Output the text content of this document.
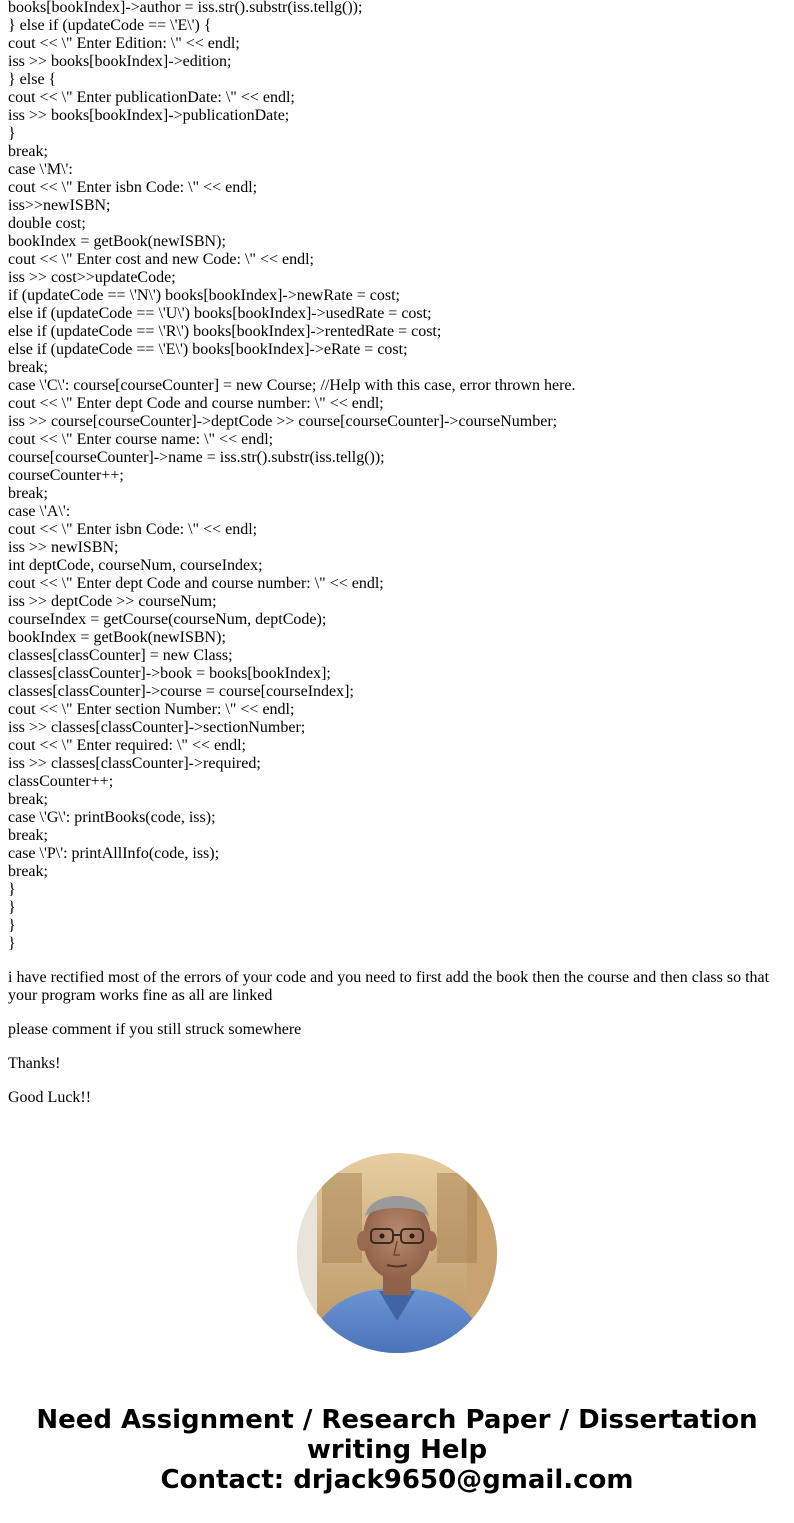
books[bookIndex]->author = iss.str().substr(iss.tellg());
} else if (updateCode == \'E\') {
cout << \" Enter Edition: \" << endl;
iss >> books[bookIndex]->edition;
} else {
cout << \" Enter publicationDate: \" << endl;
iss >> books[bookIndex]->publicationDate;
}
break;
case \'M\':
cout << \" Enter isbn Code: \" << endl;
iss>>newISBN;
double cost;
bookIndex = getBook(newISBN);
cout << \" Enter cost and new Code: \" << endl;
iss >> cost>>updateCode;
if (updateCode == \'N\') books[bookIndex]->newRate = cost;
else if (updateCode == \'U\') books[bookIndex]->usedRate = cost;
else if (updateCode == \'R\') books[bookIndex]->rentedRate = cost;
else if (updateCode == \'E\') books[bookIndex]->eRate = cost;
break;
case \'C\': course[courseCounter] = new Course; //Help with this case, error thrown here.
cout << \" Enter dept Code and course number: \" << endl;
iss >> course[courseCounter]->deptCode >> course[courseCounter]->courseNumber;
cout << \" Enter course name: \" << endl;
course[courseCounter]->name = iss.str().substr(iss.tellg());
courseCounter++;
break;
case \'A\':
cout << \" Enter isbn Code: \" << endl;
iss >> newISBN;
int deptCode, courseNum, courseIndex;
cout << \" Enter dept Code and course number: \" << endl;
iss >> deptCode >> courseNum;
courseIndex = getCourse(courseNum, deptCode);
bookIndex = getBook(newISBN);
classes[classCounter] = new Class;
classes[classCounter]->book = books[bookIndex];
classes[classCounter]->course = course[courseIndex];
cout << \" Enter section Number: \" << endl;
iss >> classes[classCounter]->sectionNumber;
cout << \" Enter required: \" << endl;
iss >> classes[classCounter]->required;
classCounter++;
break;
case \'G\': printBooks(code, iss);
break;
case \'P\': printAllInfo(code, iss);
break;
}
}
}
}

i have rectified most of the errors of your code and you need to first add the book then the course and then class so that your program works fine as all are linked

please comment if you still struck somewhere

Thanks!

Good Luck!!

Need Assignment / Research Paper / Dissertation
writing Help
Contact: drjack9650@gmail.com
